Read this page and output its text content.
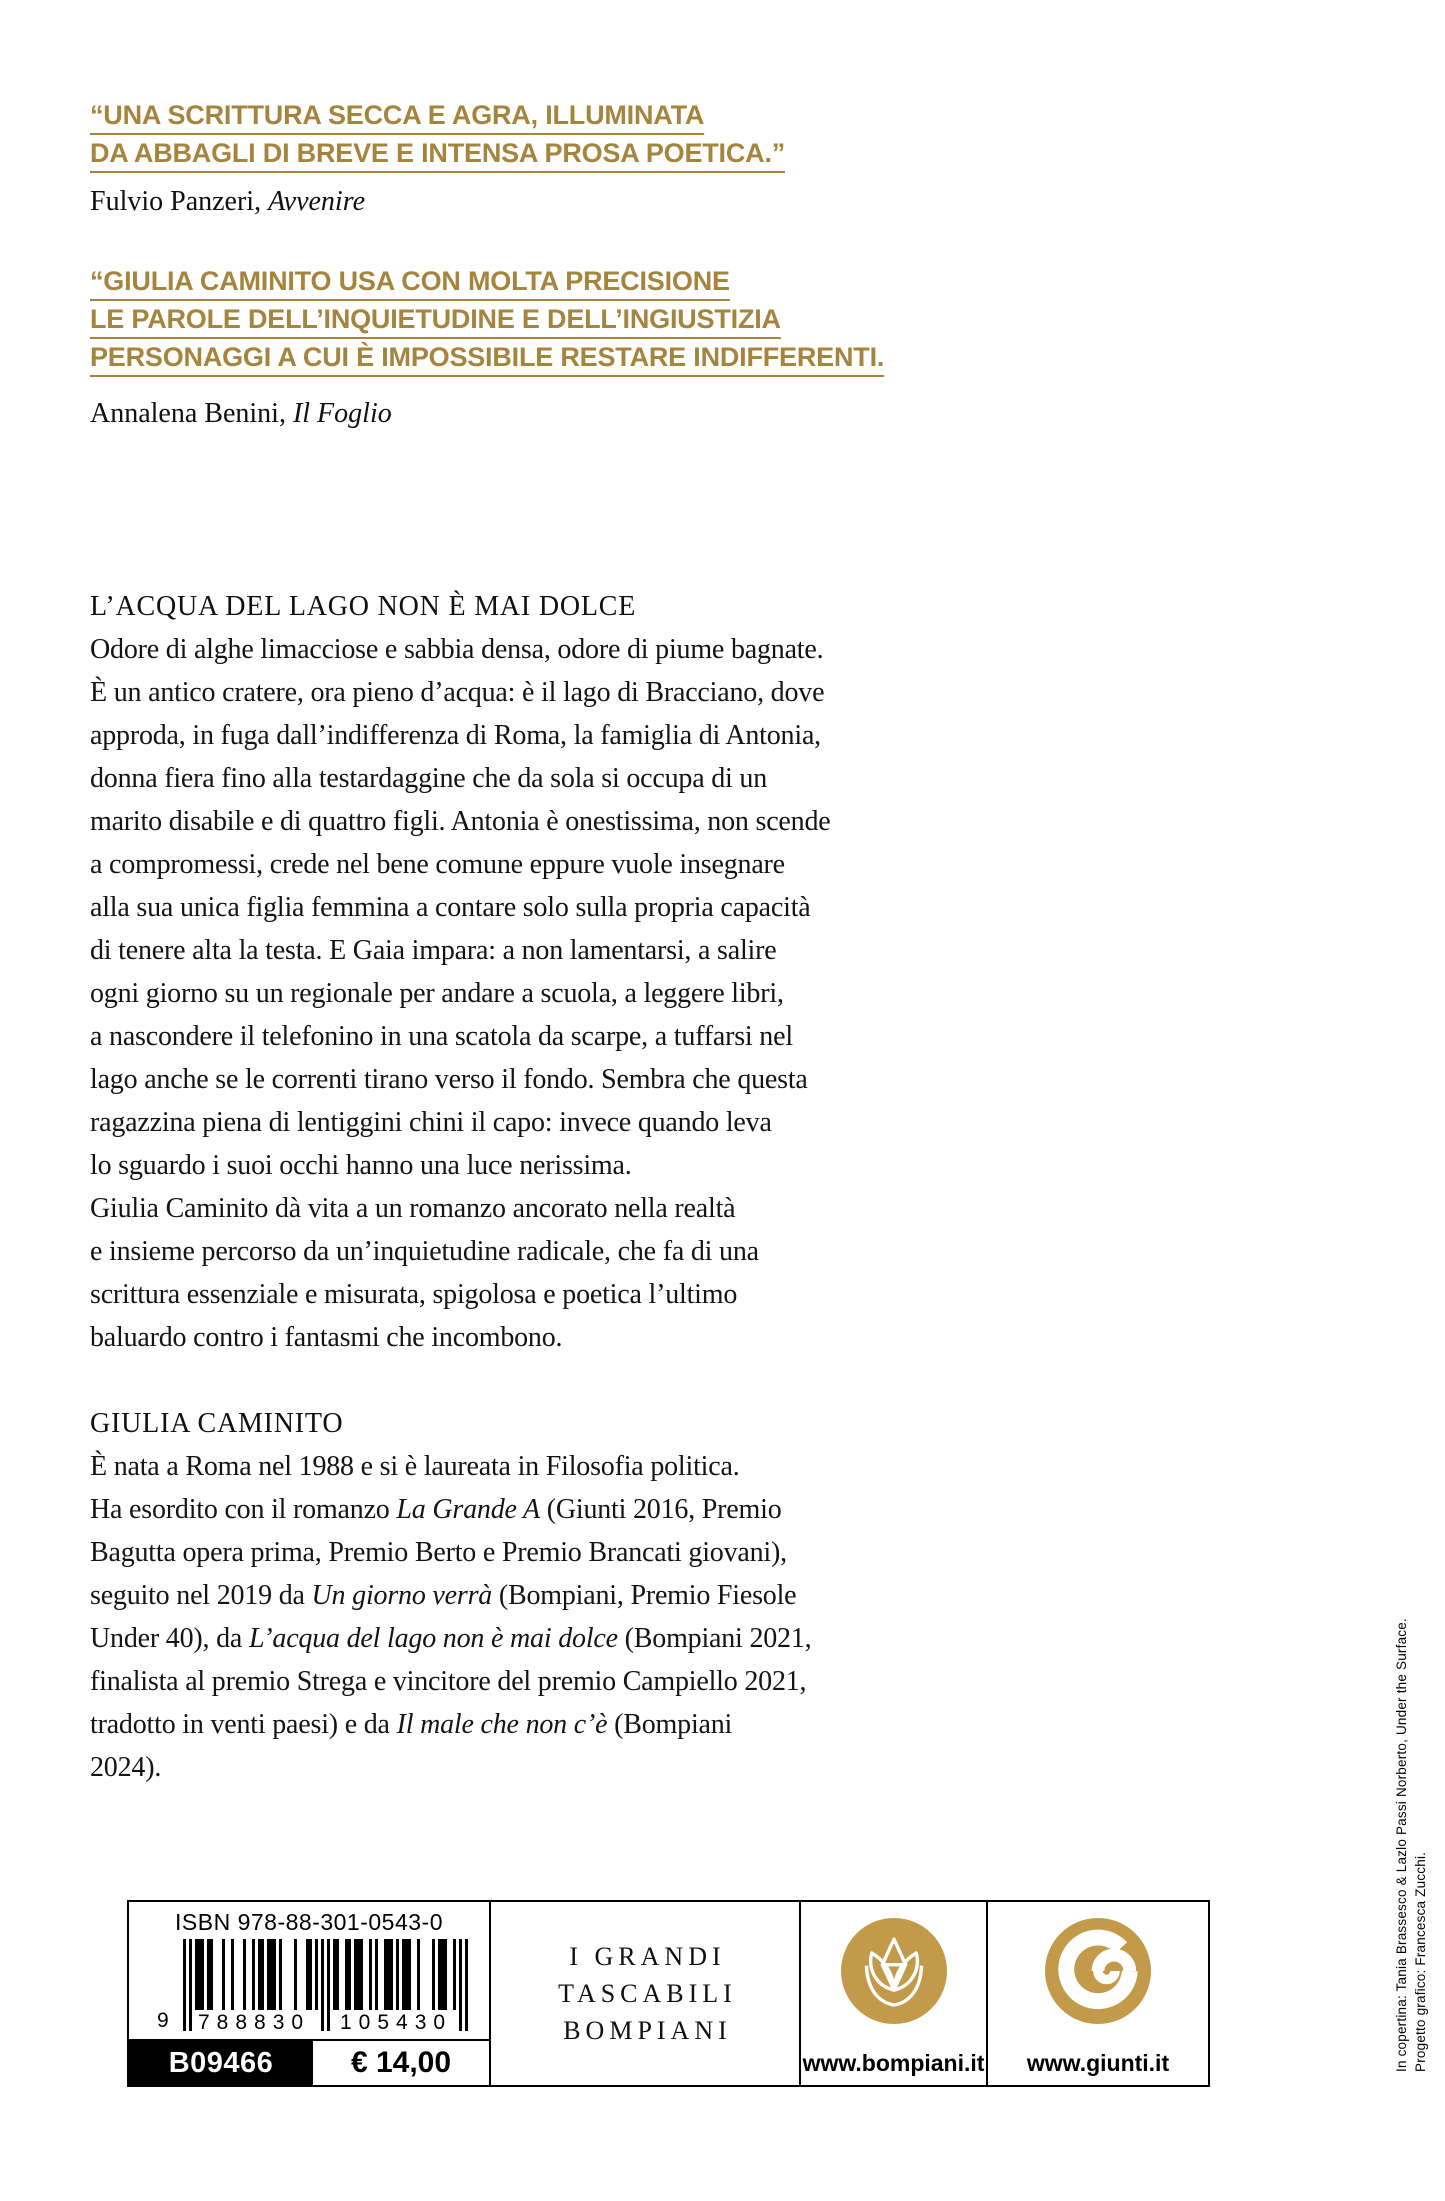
“UNA SCRITTURA SECCA E AGRA, ILLUMINATA
DA ABBAGLI DI BREVE E INTENSA PROSA POETICA.”
Fulvio Panzeri, Avvenire
“GIULIA CAMINITO USA CON MOLTA PRECISIONE
LE PAROLE DELL’INQUIETUDINE E DELL’INGIUSTIZIA
PERSONAGGI A CUI È IMPOSSIBILE RESTARE INDIFFERENTI.
Annalena Benini, Il Foglio
L’ACQUA DEL LAGO NON È MAI DOLCE
Odore di alghe limacciose e sabbia densa, odore di piume bagnate.
È un antico cratere, ora pieno d’acqua: è il lago di Bracciano, dove
approda, in fuga dall’indifferenza di Roma, la famiglia di Antonia,
donna fiera fino alla testardaggine che da sola si occupa di un
marito disabile e di quattro figli. Antonia è onestissima, non scende
a compromessi, crede nel bene comune eppure vuole insegnare
alla sua unica figlia femmina a contare solo sulla propria capacità
di tenere alta la testa. E Gaia impara: a non lamentarsi, a salire
ogni giorno su un regionale per andare a scuola, a leggere libri,
a nascondere il telefonino in una scatola da scarpe, a tuffarsi nel
lago anche se le correnti tirano verso il fondo. Sembra che questa
ragazzina piena di lentiggini chini il capo: invece quando leva
lo sguardo i suoi occhi hanno una luce nerissima.
Giulia Caminito dà vita a un romanzo ancorato nella realtà
e insieme percorso da un’inquietudine radicale, che fa di una
scrittura essenziale e misurata, spigolosa e poetica l’ultimo
baluardo contro i fantasmi che incombono.
GIULIA CAMINITO
È nata a Roma nel 1988 e si è laureata in Filosofia politica.
Ha esordito con il romanzo La Grande A (Giunti 2016, Premio
Bagutta opera prima, Premio Berto e Premio Brancati giovani),
seguito nel 2019 da Un giorno verrà (Bompiani, Premio Fiesole
Under 40), da L’acqua del lago non è mai dolce (Bompiani 2021,
finalista al premio Strega e vincitore del premio Campiello 2021,
tradotto in venti paesi) e da Il male che non c’è (Bompiani
2024).	In copertina: Tania Brassesco & Lazlo Passi Norberto, Under the Surface. Progetto grafico: Francesca Zucchi.
ISBN 978-88-301-0543-0
9 788830 105430
B09466	€ 14,00
I GRANDI
TASCABILI
BOMPIANI
www.bompiani.it	www.giunti.it
